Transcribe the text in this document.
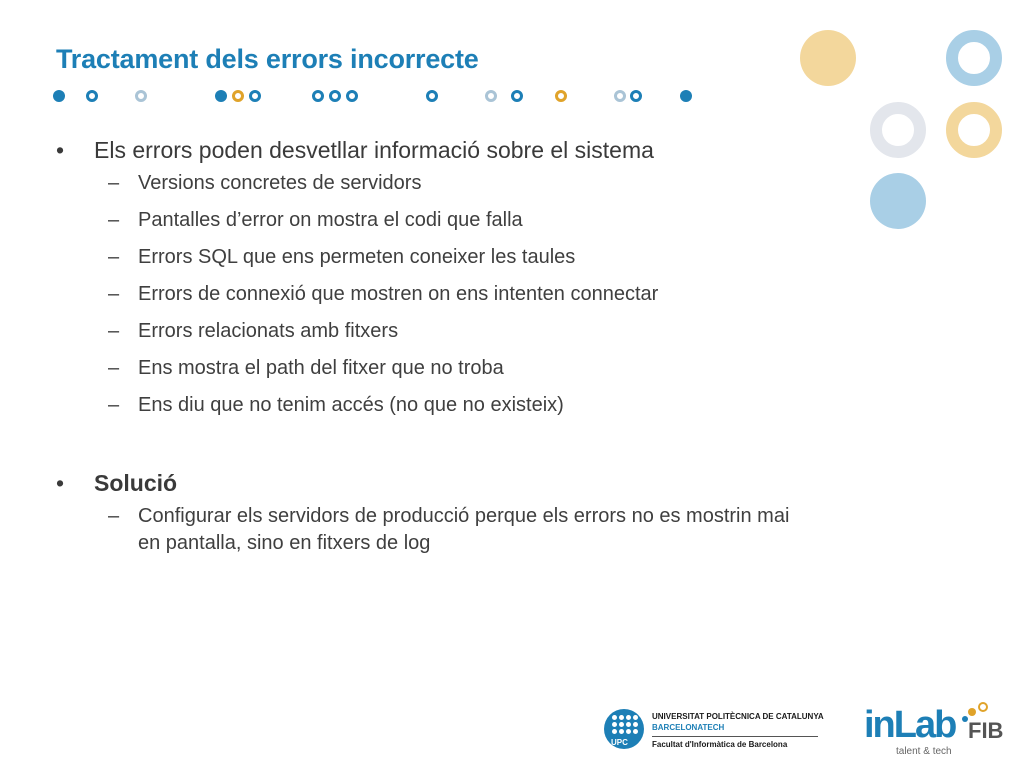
Tractament dels errors incorrecte
• Els errors poden desvetllar informació sobre el sistema
– Versions concretes de servidors
– Pantalles d’error on mostra el codi que falla
– Errors SQL que ens permeten coneixer les taules
– Errors de connexió que mostren on ens intenten connectar
– Errors relacionats amb fitxers
– Ens mostra el path del fitxer que no troba
– Ens diu que no tenim accés (no que no existeix)
• Solució
– Configurar els servidors de producció perque els errors no es mostrin mai en pantalla, sino en fitxers de log
UPC
UNIVERSITAT POLITÈCNICA DE CATALUNYA
BARCELONATECH
Facultat d'Informàtica de Barcelona	inLab FIB
talent & tech
